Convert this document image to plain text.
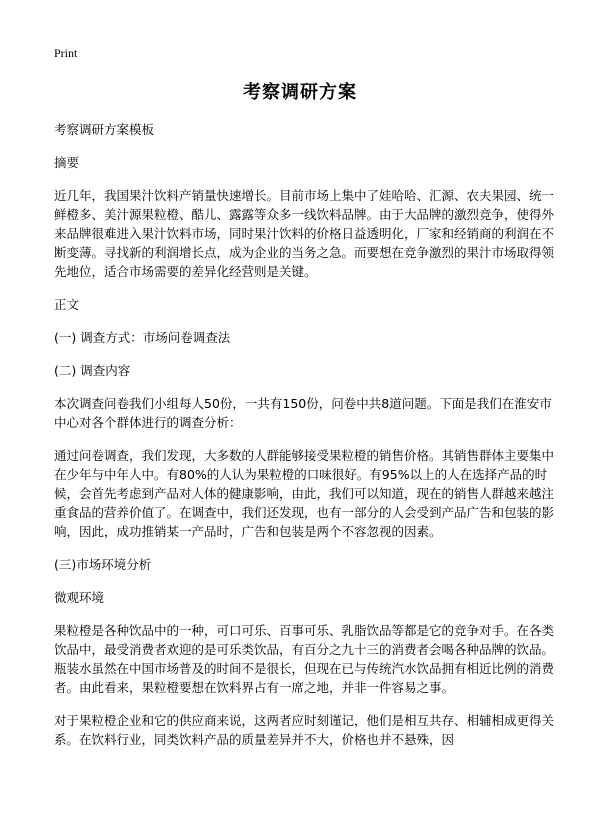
Print
考察调研方案

考察调研方案模板

摘要

近几年，我国果汁饮料产销量快速增长。目前市场上集中了娃哈哈、汇源、农夫果园、统一鲜橙多、美汁源果粒橙、酷儿、露露等众多一线饮料品牌。由于大品牌的激烈竞争，使得外来品牌很难进入果汁饮料市场，同时果汁饮料的价格日益透明化，厂家和经销商的利润在不断变薄。寻找新的利润增长点，成为企业的当务之急。而要想在竞争激烈的果汁市场取得领先地位，适合市场需要的差异化经营则是关键。

正文

(一) 调查方式：市场问卷调查法

(二) 调查内容

本次调查问卷我们小组每人50份，一共有150份，问卷中共8道问题。下面是我们在淮安市中心对各个群体进行的调查分析：

通过问卷调查，我们发现，大多数的人群能够接受果粒橙的销售价格。其销售群体主要集中在少年与中年人中。有80%的人认为果粒橙的口味很好。有95%以上的人在选择产品的时候，会首先考虑到产品对人体的健康影响，由此，我们可以知道，现在的销售人群越来越注重食品的营养价值了。在调查中，我们还发现，也有一部分的人会受到产品广告和包装的影响，因此，成功推销某一产品时，广告和包装是两个不容忽视的因素。

(三)市场环境分析

微观环境

果粒橙是各种饮品中的一种，可口可乐、百事可乐、乳脂饮品等都是它的竞争对手。在各类饮品中，最受消费者欢迎的是可乐类饮品，有百分之九十三的消费者会喝各种品牌的饮品。瓶装水虽然在中国市场普及的时间不是很长，但现在已与传统汽水饮品拥有相近比例的消费者。由此看来，果粒橙要想在饮料界占有一席之地，并非一件容易之事。

对于果粒橙企业和它的供应商来说，这两者应时刻谨记，他们是相互共存、相辅相成更得关系。在饮料行业，同类饮料产品的质量差异并不大，价格也并不悬殊，因
